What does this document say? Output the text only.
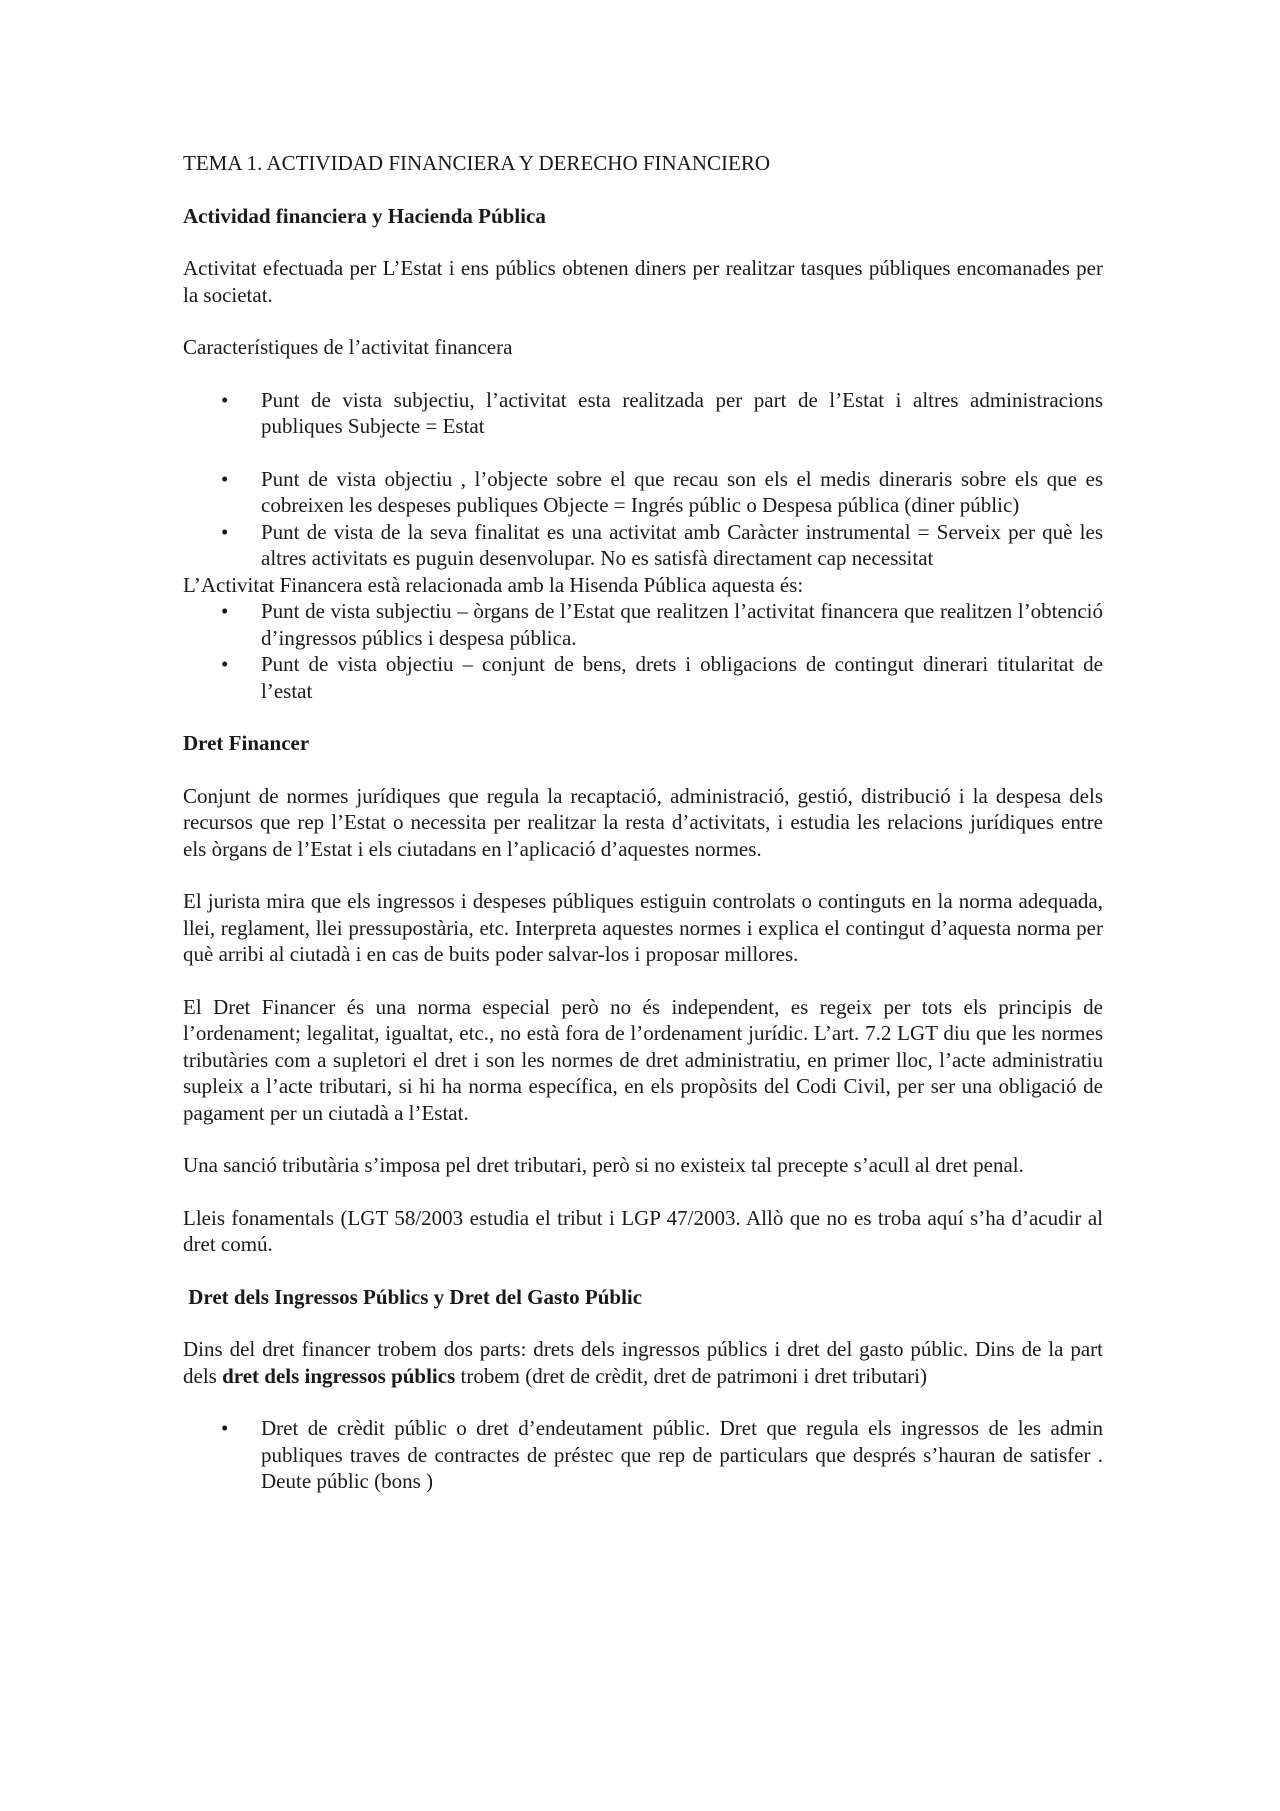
TEMA 1. ACTIVIDAD FINANCIERA Y DERECHO FINANCIERO

Actividad financiera y Hacienda Pública

Activitat efectuada per L’Estat i ens públics obtenen diners per realitzar tasques públiques encomanades per la societat.

Característiques de l’activitat financera

• Punt de vista subjectiu, l’activitat esta realitzada per part de l’Estat i altres administracions publiques Subjecte = Estat
• Punt de vista objectiu , l’objecte sobre el que recau son els el medis dineraris sobre els que es cobreixen les despeses publiques Objecte = Ingrés públic o Despesa pública (diner públic)
• Punt de vista de la seva finalitat es una activitat amb Caràcter instrumental = Serveix per què les altres activitats es puguin desenvolupar. No es satisfà directament cap necessitat

L’Activitat Financera està relacionada amb la Hisenda Pública aquesta és:

• Punt de vista subjectiu – òrgans de l’Estat que realitzen l’activitat financera que realitzen l’obtenció d’ingressos públics i despesa pública.
• Punt de vista objectiu – conjunt de bens, drets i obligacions de contingut dinerari titularitat de l’estat
Dret Financer

Conjunt de normes jurídiques que regula la recaptació, administració, gestió, distribució i la despesa dels recursos que rep l’Estat o necessita per realitzar la resta d’activitats, i estudia les relacions jurídiques entre els òrgans de l’Estat i els ciutadans en l’aplicació d’aquestes normes.

El jurista mira que els ingressos i despeses públiques estiguin controlats o continguts en la norma adequada, llei, reglament, llei pressupostària, etc. Interpreta aquestes normes i explica el contingut d’aquesta norma per què arribi al ciutadà i en cas de buits poder salvar-los i proposar millores.

El Dret Financer és una norma especial però no és independent, es regeix per tots els principis de l’ordenament; legalitat, igualtat, etc., no està fora de l’ordenament jurídic. L’art. 7.2 LGT diu que les normes tributàries com a supletori el dret i son les normes de dret administratiu, en primer lloc, l’acte administratiu supleix a l’acte tributari, si hi ha norma específica, en els propòsits del Codi Civil, per ser una obligació de pagament per un ciutadà a l’Estat.

Una sanció tributària s’imposa pel dret tributari, però si no existeix tal precepte s’acull al dret penal.

Lleis fonamentals (LGT 58/2003 estudia el tribut i LGP 47/2003. Allò que no es troba aquí s’ha d’acudir al dret comú.

Dret dels Ingressos Públics y Dret del Gasto Públic

Dins del dret financer trobem dos parts: drets dels ingressos públics i dret del gasto públic. Dins de la part dels dret dels ingressos públics trobem (dret de crèdit, dret de patrimoni i dret tributari)

• Dret de crèdit públic o dret d’endeutament públic. Dret que regula els ingressos de les admin publiques traves de contractes de préstec que rep de particulars que després s’hauran de satisfer . Deute públic (bons )
